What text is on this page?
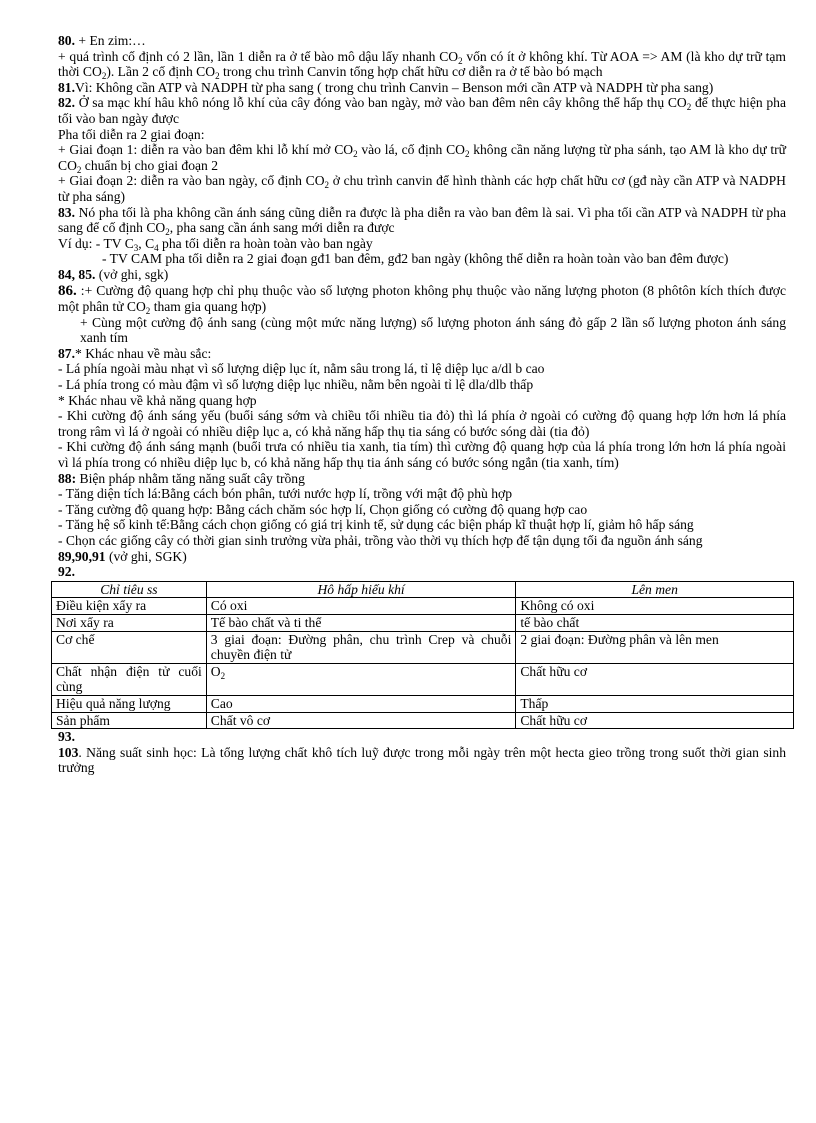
80. + En zim:…

+ quá trình cố định có 2 lần, lần 1 diễn ra ở tế bào mô dậu lấy nhanh $CO_2$ vốn có ít ở không khí. Từ AOA => AM (là kho dự trữ tạm thời $CO_2$). Lần 2 cố định $CO_2$ trong chu trình Canvin tổng hợp chất hữu cơ diễn ra ở tế bào bó mạch

81.Vì: Không cần ATP và NADPH từ pha sang ( trong chu trình Canvin – Benson mới cần ATP và NADPH từ pha sang)

82. Ở sa mạc khí hâu khô nóng lỗ khí của cây đóng vào ban ngày, mở vào ban đêm nên cây không thể hấp thụ $CO_2$ để thực hiện pha tối vào ban ngày được

Pha tối diễn ra 2 giai đoạn:

+ Giai đoạn 1: diễn ra vào ban đêm khi lỗ khí mở $CO_2$ vào lá, cố định $CO_2$ không cần năng lượng từ pha sánh, tạo AM là kho dự trữ $CO_2$ chuẩn bị cho giai đoạn 2

+ Giai đoạn 2: diễn ra vào ban ngày, cố định $CO_2$ ở chu trình canvin để hình thành các hợp chất hữu cơ (gđ này cần ATP và NADPH từ pha sáng)

83. Nó pha tối là pha không cần ánh sáng cũng diễn ra được là pha diễn ra vào ban đêm là sai. Vì pha tối cần ATP và NADPH từ pha sang để cố định $CO_2$, pha sang cần ánh sang mới diễn ra được

Ví dụ: - TV $C_3$, $C_4$ pha tối diễn ra hoàn toàn vào ban ngày

- TV CAM pha tối diễn ra 2 giai đoạn gđ1 ban đêm, gđ2 ban ngày (không thể diễn ra hoàn toàn vào ban đêm được)

84, 85. (vở ghi, sgk)

86. :+ Cường độ quang hợp chỉ phụ thuộc vào số lượng photon không phụ thuộc vào năng lượng photon (8 phôtôn kích thích được một phân tử $CO_2$ tham gia quang hợp)

+ Cùng một cường độ ánh sang (cùng một mức năng lượng) số lượng photon ánh sáng đỏ gấp 2 lần số lượng photon ánh sáng xanh tím

87.* Khác nhau về màu sắc:

- Lá phía ngoài màu nhạt vì số lượng diệp lục ít, nằm sâu trong lá, tỉ lệ diệp lục a/dl b cao

- Lá phía trong có màu đậm vì số lượng diệp lục nhiều, nằm bên ngoài tỉ lệ dla/dlb thấp

* Khác nhau về khả năng quang hợp

- Khi cường độ ánh sáng yếu (buổi sáng sớm và chiều tối nhiều tia đỏ) thì lá phía ở ngoài có cường độ quang hợp lớn hơn lá phía trong râm vì lá ở ngoài có nhiều diệp lục a, có khả năng hấp thụ tia sáng có bước sóng dài (tia đỏ)

- Khi cường độ ánh sáng mạnh (buổi trưa có nhiều tia xanh, tia tím) thì cường độ quang hợp của lá phía trong lớn hơn lá phía ngoài vì lá phía trong có nhiều diệp lục b, có khả năng hấp thụ tia ánh sáng có bước sóng ngắn (tia xanh, tím)

88: Biện pháp nhằm tăng năng suất cây trồng

- Tăng diện tích lá:Bằng cách bón phân, tưới nước hợp lí, trồng với mật độ phù hợp

- Tăng cường độ quang hợp: Bằng cách chăm sóc hợp lí, Chọn giống có cường độ quang hợp cao

- Tăng hệ số kinh tế:Bằng cách chọn giống có giá trị kinh tế, sử dụng các biện pháp kĩ thuật hợp lí, giảm hô hấp sáng

- Chọn các giống cây có thời gian sinh trưởng vừa phải, trồng vào thời vụ thích hợp để tận dụng tối đa nguồn ánh sáng

89,90,91 (vở ghi, SGK)

92.

Chỉ tiêu ss	Hô hấp hiếu khí	Lên men
Điều kiện xẩy ra	Có oxi	Không có oxi
Nơi xẩy ra	Tế bào chất và ti thể	tế bào chất
Cơ chế	3 giai đoạn: Đường phân, chu trình Crep và chuỗi chuyền điện tử	2 giai đoạn: Đường phân và lên men
Chất nhận điện tử cuối cùng	$O_2$	Chất hữu cơ
Hiệu quả năng lượng	Cao	Thấp
Sản phẩm	Chất vô cơ	Chất hữu cơ

93.

103. Năng suất sinh học: Là tổng lượng chất khô tích luỹ được trong mỗi ngày trên một hecta gieo trồng trong suốt thời gian sinh trưởng
